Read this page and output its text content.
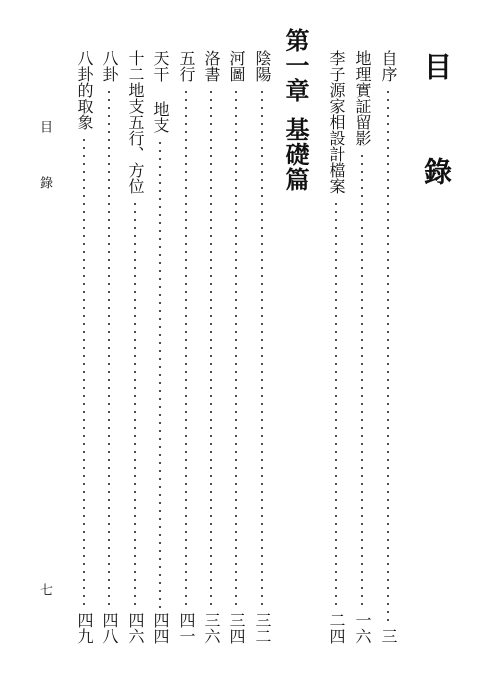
目 錄
第一章基礎篇
目 錄
七
自序
三
地理實証留影
一六
李子源家相設計檔案
二四
陰陽
三二
河圖
三四
洛書
三六
五行
四一
天干 地支
四四
十二地支五行、方位
四六
八卦
四八
八卦的取象
四九
